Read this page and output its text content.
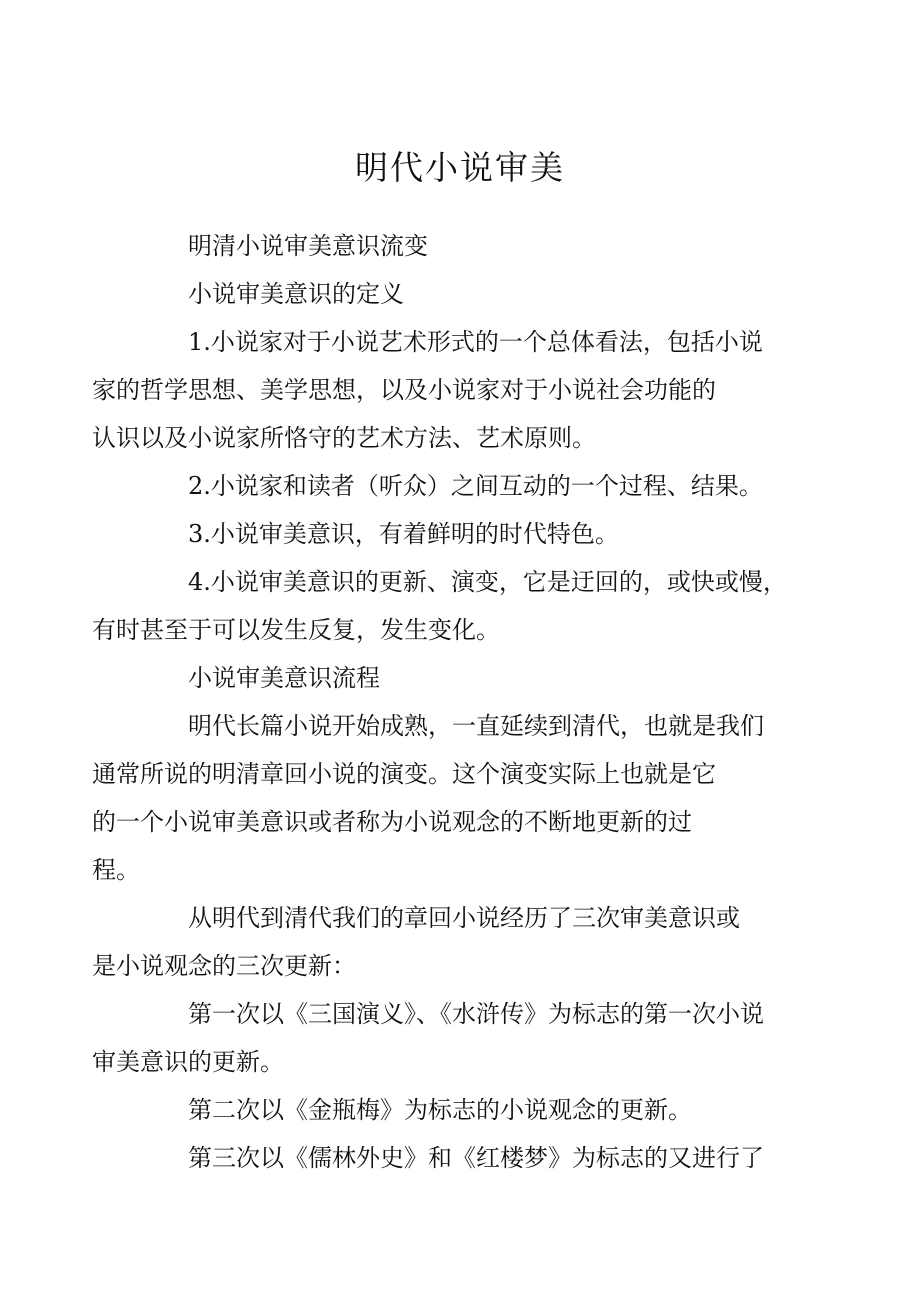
明代小说审美

明清小说审美意识流变

小说审美意识的定义

1.小说家对于小说艺术形式的一个总体看法，包括小说
家的哲学思想、美学思想，以及小说家对于小说社会功能的
认识以及小说家所恪守的艺术方法、艺术原则。

2.小说家和读者（听众）之间互动的一个过程、结果。

3.小说审美意识，有着鲜明的时代特色。

4.小说审美意识的更新、演变，它是迂回的，或快或慢，
有时甚至于可以发生反复，发生变化。

小说审美意识流程

明代长篇小说开始成熟，一直延续到清代，也就是我们
通常所说的明清章回小说的演变。这个演变实际上也就是它
的一个小说审美意识或者称为小说观念的不断地更新的过
程。

从明代到清代我们的章回小说经历了三次审美意识或
是小说观念的三次更新：

第一次以《三国演义》、《水浒传》为标志的第一次小说
审美意识的更新。

第二次以《金瓶梅》为标志的小说观念的更新。

第三次以《儒林外史》和《红楼梦》为标志的又进行了
